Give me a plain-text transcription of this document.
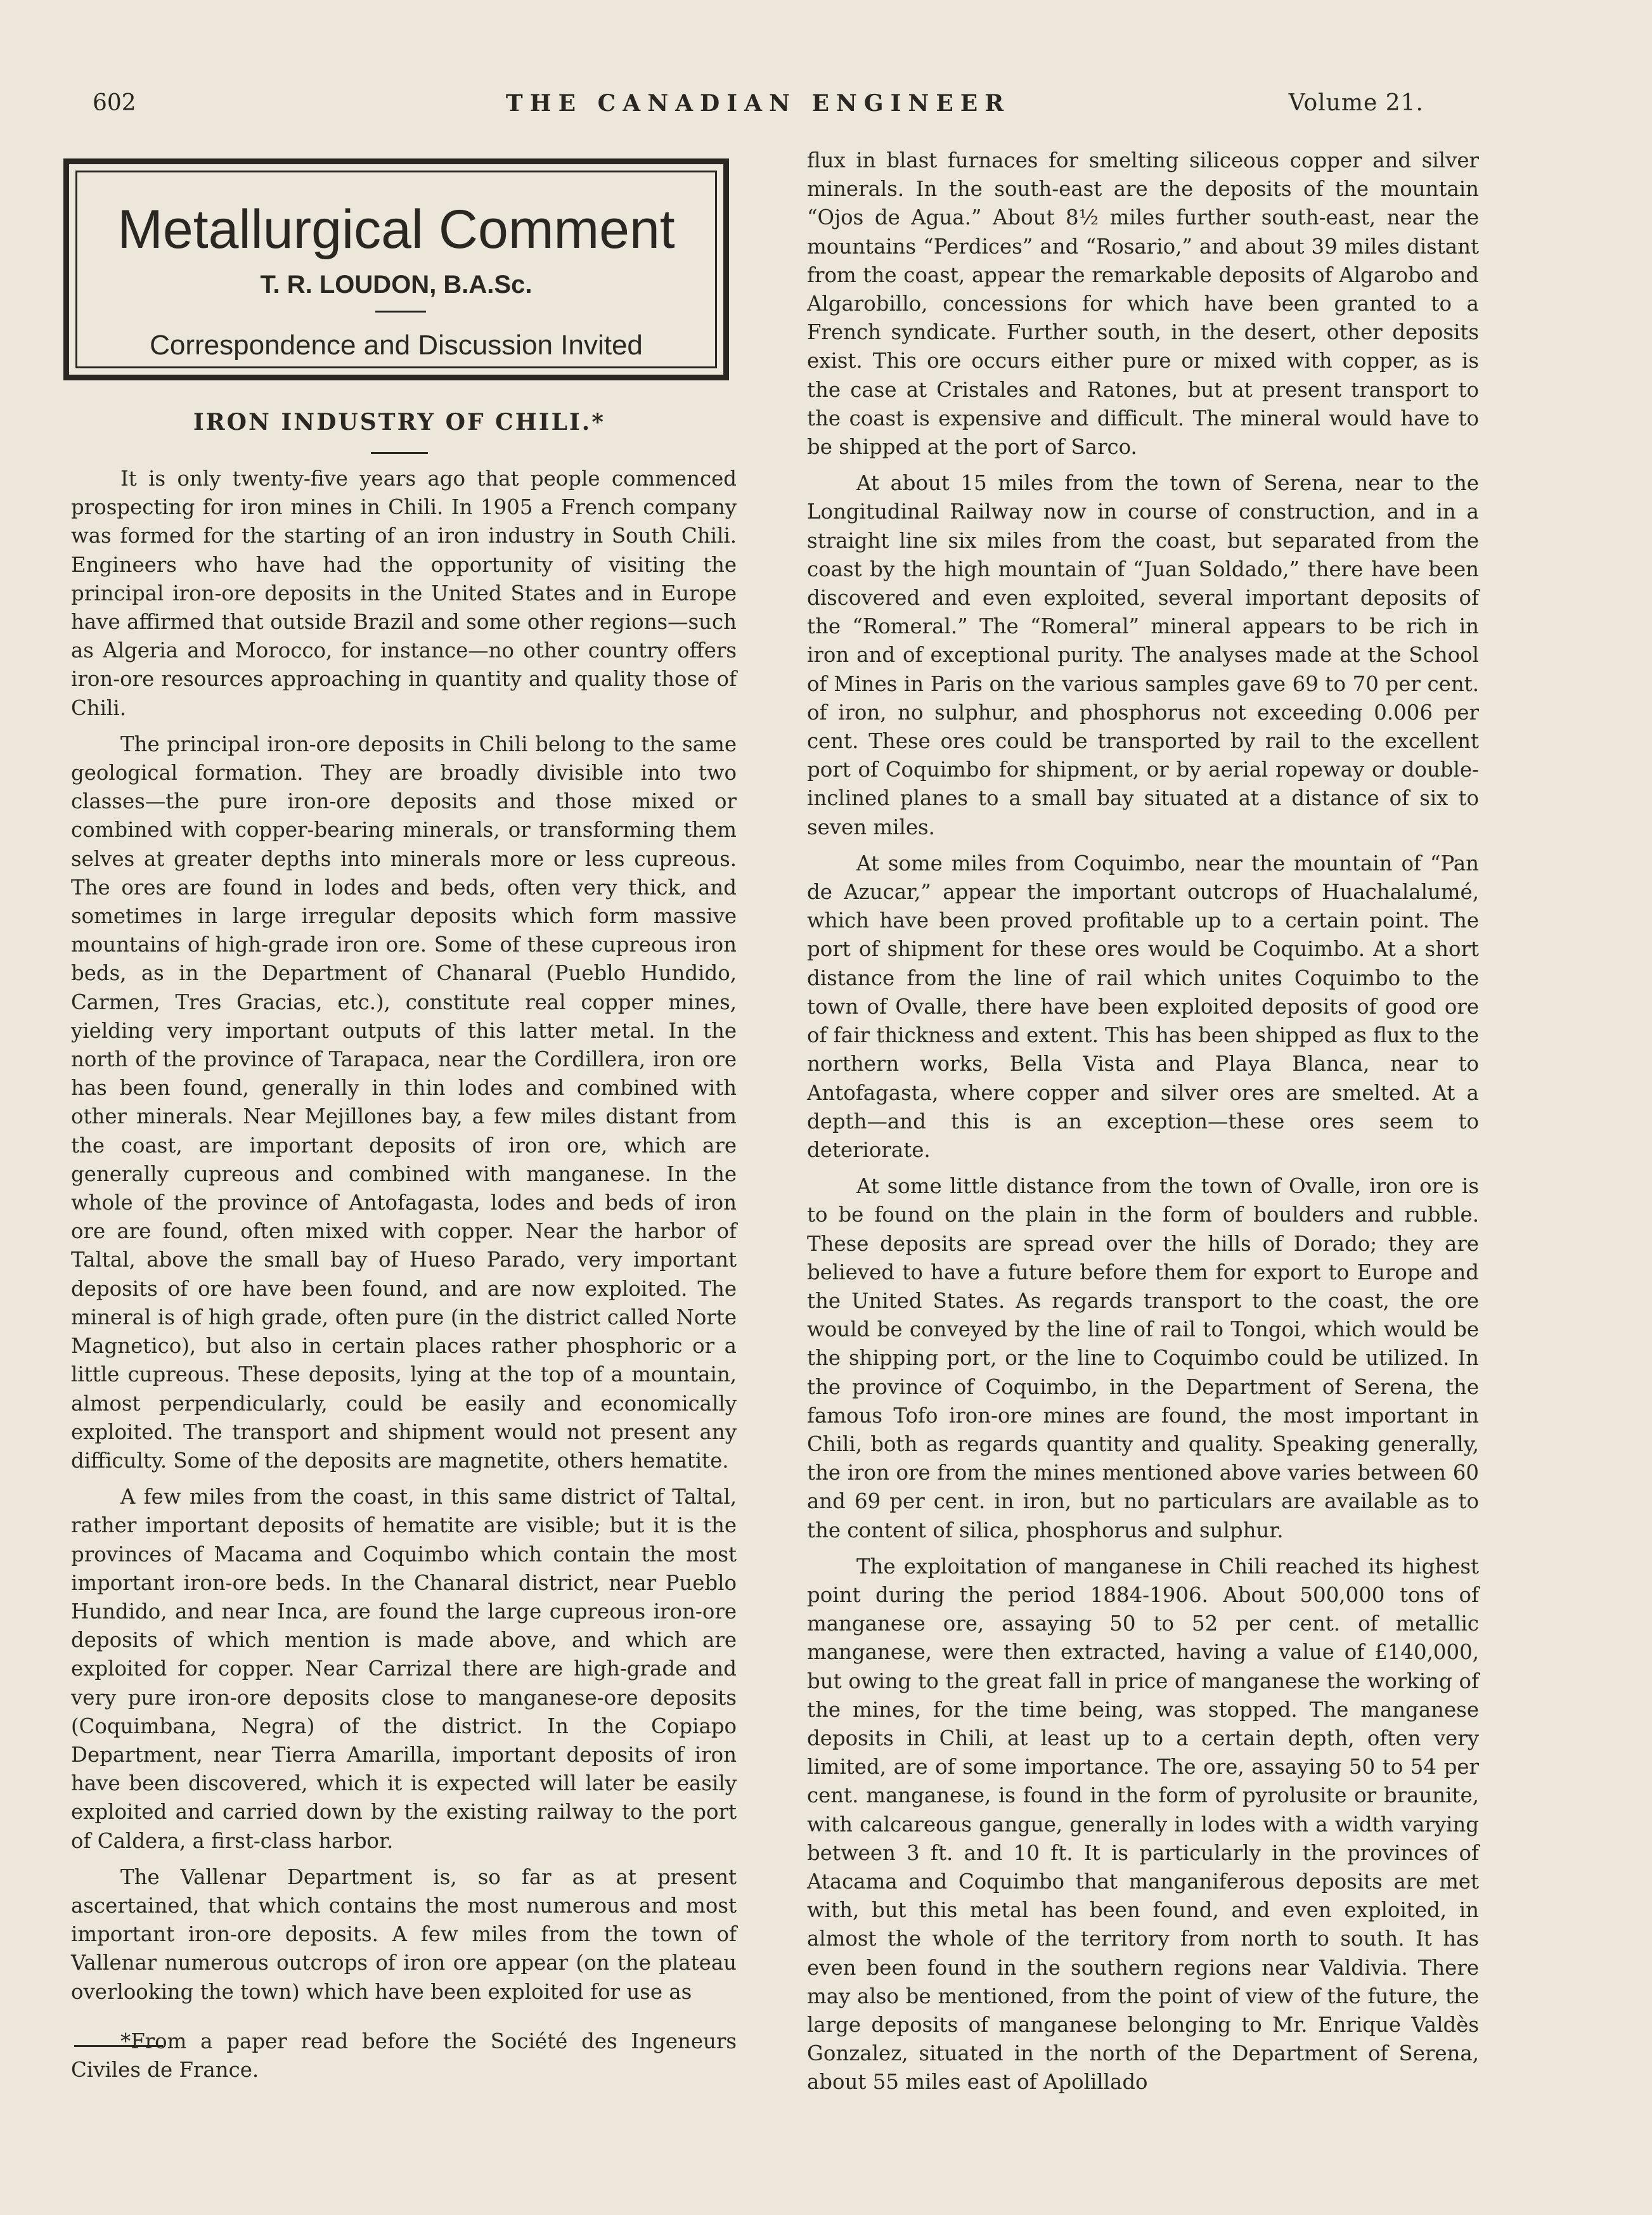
602	THE CANADIAN ENGINEER	Volume 21.
Metallurgical Comment
T. R. LOUDON, B.A.Sc.
Correspondence and Discussion Invited
IRON INDUSTRY OF CHILI.*

It is only twenty-five years ago that people commenced prospecting for iron mines in Chili. In 1905 a French company was formed for the starting of an iron industry in South Chili. Engineers who have had the opportunity of visiting the principal iron-ore deposits in the United States and in Europe have affirmed that outside Brazil and some other regions—such as Algeria and Morocco, for instance—no other country offers iron-ore resources approaching in quantity and quality those of Chili.

The principal iron-ore deposits in Chili belong to the same geological formation. They are broadly divisible into two classes—the pure iron-ore deposits and those mixed or combined with copper-bearing minerals, or transforming them selves at greater depths into minerals more or less cupreous. The ores are found in lodes and beds, often very thick, and sometimes in large irregular deposits which form massive mountains of high-grade iron ore. Some of these cupreous iron beds, as in the Department of Chanaral (Pueblo Hundido, Carmen, Tres Gracias, etc.), constitute real copper mines, yielding very important outputs of this latter metal. In the north of the province of Tarapaca, near the Cordillera, iron ore has been found, generally in thin lodes and combined with other minerals. Near Mejillones bay, a few miles distant from the coast, are important deposits of iron ore, which are generally cupreous and combined with manganese. In the whole of the province of Antofagasta, lodes and beds of iron ore are found, often mixed with copper. Near the harbor of Taltal, above the small bay of Hueso Parado, very important deposits of ore have been found, and are now exploited. The mineral is of high grade, often pure (in the district called Norte Magnetico), but also in certain places rather phosphoric or a little cupreous. These deposits, lying at the top of a mountain, almost perpendicularly, could be easily and economically exploited. The transport and shipment would not present any difficulty. Some of the deposits are magnetite, others hematite.

A few miles from the coast, in this same district of Taltal, rather important deposits of hematite are visible; but it is the provinces of Macama and Coquimbo which contain the most important iron-ore beds. In the Chanaral district, near Pueblo Hundido, and near Inca, are found the large cupreous iron-ore deposits of which mention is made above, and which are exploited for copper. Near Carrizal there are high-grade and very pure iron-ore deposits close to manganese-ore deposits (Coquimbana, Negra) of the district. In the Copiapo Department, near Tierra Amarilla, important deposits of iron have been discovered, which it is expected will later be easily exploited and carried down by the existing railway to the port of Caldera, a first-class harbor.

The Vallenar Department is, so far as at present ascertained, that which contains the most numerous and most important iron-ore deposits. A few miles from the town of Vallenar numerous outcrops of iron ore appear (on the plateau overlooking the town) which have been exploited for use as

*From a paper read before the Société des Ingeneurs Civiles de France.

flux in blast furnaces for smelting siliceous copper and silver minerals. In the south-east are the deposits of the mountain “Ojos de Agua.” About 8½ miles further south-east, near the mountains “Perdices” and “Rosario,” and about 39 miles distant from the coast, appear the remarkable deposits of Algarobo and Algarobillo, concessions for which have been granted to a French syndicate. Further south, in the desert, other deposits exist. This ore occurs either pure or mixed with copper, as is the case at Cristales and Ratones, but at present transport to the coast is expensive and difficult. The mineral would have to be shipped at the port of Sarco.

At about 15 miles from the town of Serena, near to the Longitudinal Railway now in course of construction, and in a straight line six miles from the coast, but separated from the coast by the high mountain of “Juan Soldado,” there have been discovered and even exploited, several important deposits of the “Romeral.” The “Romeral” mineral appears to be rich in iron and of exceptional purity. The analyses made at the School of Mines in Paris on the various samples gave 69 to 70 per cent. of iron, no sulphur, and phosphorus not exceeding 0.006 per cent. These ores could be transported by rail to the excellent port of Coquimbo for shipment, or by aerial ropeway or double-inclined planes to a small bay situated at a distance of six to seven miles.

At some miles from Coquimbo, near the mountain of “Pan de Azucar,” appear the important outcrops of Huachalalumé, which have been proved profitable up to a certain point. The port of shipment for these ores would be Coquimbo. At a short distance from the line of rail which unites Coquimbo to the town of Ovalle, there have been exploited deposits of good ore of fair thickness and extent. This has been shipped as flux to the northern works, Bella Vista and Playa Blanca, near to Antofagasta, where copper and silver ores are smelted. At a depth—and this is an exception—these ores seem to deteriorate.

At some little distance from the town of Ovalle, iron ore is to be found on the plain in the form of boulders and rubble. These deposits are spread over the hills of Dorado; they are believed to have a future before them for export to Europe and the United States. As regards transport to the coast, the ore would be conveyed by the line of rail to Tongoi, which would be the shipping port, or the line to Coquimbo could be utilized. In the province of Coquimbo, in the Department of Serena, the famous Tofo iron-ore mines are found, the most important in Chili, both as regards quantity and quality. Speaking generally, the iron ore from the mines mentioned above varies between 60 and 69 per cent. in iron, but no particulars are available as to the content of silica, phosphorus and sulphur.

The exploitation of manganese in Chili reached its highest point during the period 1884-1906. About 500,000 tons of manganese ore, assaying 50 to 52 per cent. of metallic manganese, were then extracted, having a value of £140,000, but owing to the great fall in price of manganese the working of the mines, for the time being, was stopped. The manganese deposits in Chili, at least up to a certain depth, often very limited, are of some importance. The ore, assaying 50 to 54 per cent. manganese, is found in the form of pyrolusite or braunite, with calcareous gangue, generally in lodes with a width varying between 3 ft. and 10 ft. It is particularly in the provinces of Atacama and Coquimbo that manganiferous deposits are met with, but this metal has been found, and even exploited, in almost the whole of the territory from north to south. It has even been found in the southern regions near Valdivia. There may also be mentioned, from the point of view of the future, the large deposits of manganese belonging to Mr. Enrique Valdès Gonzalez, situated in the north of the Department of Serena, about 55 miles east of Apolillado
